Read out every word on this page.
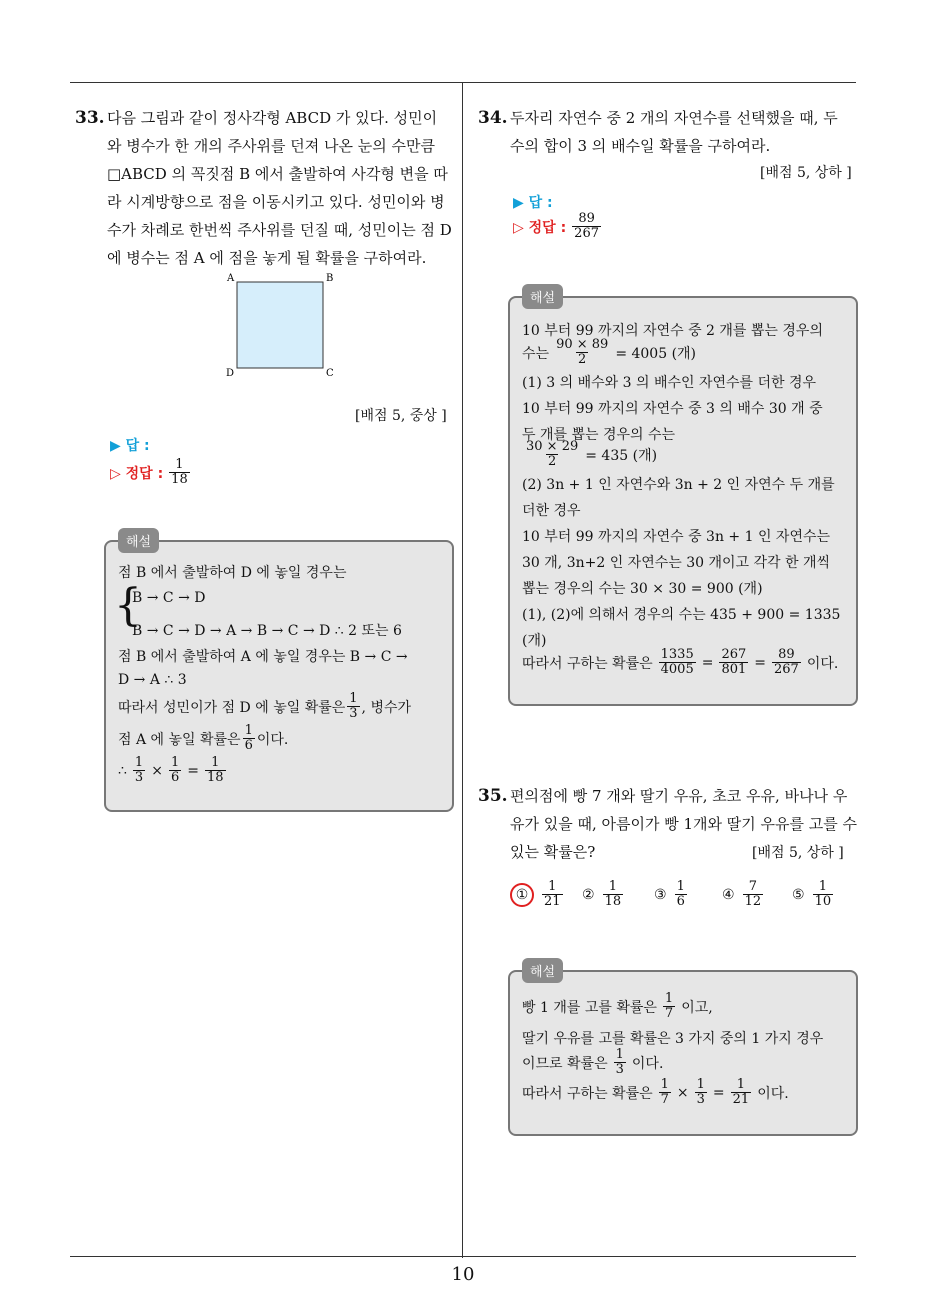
33. 다음 그림과 같이 정사각형 ABCD 가 있다. 성민이
와 병수가 한 개의 주사위를 던져 나온 눈의 수만큼
□ABCD 의 꼭짓점 B 에서 출발하여 사각형 변을 따
라 시계방향으로 점을 이동시키고 있다. 성민이와 병
수가 차례로 한번씩 주사위를 던질 때, 성민이는 점 D
에 병수는 점 A 에 점을 놓게 될 확률을 구하여라.
A	B
C
D
[배점 5, 중상 ]
▶ 답 :
▷ 정답 : $\frac{1}{18}$
점 B 에서 출발하여 D 에 놓일 경우는
{
B → C → D
B → C → D → A → B → C → D ∴ 2 또는 6
점 B 에서 출발하여 A 에 놓일 경우는 B → C →
D → A ∴ 3
따라서 성민이가 점 D 에 놓일 확률은 $\frac{1}{3}$ , 병수가
점 A 에 놓일 확률은 $\frac{1}{6}$ 이다.
∴ $\frac{1}{3} \times \frac{1}{6} = \frac{1}{18}$
해설
34. 두자리 자연수 중 2 개의 자연수를 선택했을 때, 두
수의 합이 3 의 배수일 확률을 구하여라.
[배점 5, 상하 ]
▶ 답 :
▷ 정답 : $\frac{89}{267}$
10 부터 99 까지의 자연수 중 2 개를 뽑는 경우의
수는 $\frac{90 \times 89}{2} = 4005$ (개)
(1) 3 의 배수와 3 의 배수인 자연수를 더한 경우
10 부터 99 까지의 자연수 중 3 의 배수 30 개 중
두 개를 뽑는 경우의 수는
$\frac{30 \times 29}{2} = 435$ (개)
(2) 3n + 1 인 자연수와 3n + 2 인 자연수 두 개를
더한 경우
10 부터 99 까지의 자연수 중 3n + 1 인 자연수는
30 개, 3n+2 인 자연수는 30 개이고 각각 한 개씩
뽑는 경우의 수는 30 × 30 = 900 (개)
(1), (2)에 의해서 경우의 수는 435 + 900 = 1335
(개)
따라서 구하는 확률은 $\frac{1335}{4005} = \frac{267}{801} = \frac{89}{267}$ 이다.
해설
35. 편의점에 빵 7 개와 딸기 우유, 초코 우유, 바나나 우
유가 있을 때, 아름이가 빵 1개와 딸기 우유를 고를 수
있는 확률은?	[배점 5, 상하 ]
①	$\frac{1}{21}$ ② $\frac{1}{18}$ ③ $\frac{1}{6}$	④ $\frac{7}{12}$ ⑤ $\frac{1}{10}$
빵 1 개를 고를 확률은 $\frac{1}{7}$ 이고,
딸기 우유를 고를 확률은 3 가지 중의 1 가지 경우
이므로 확률은 $\frac{1}{3}$ 이다.
따라서 구하는 확률은 $\frac{1}{7} \times \frac{1}{3} = \frac{1}{21}$ 이다.
해설
10
